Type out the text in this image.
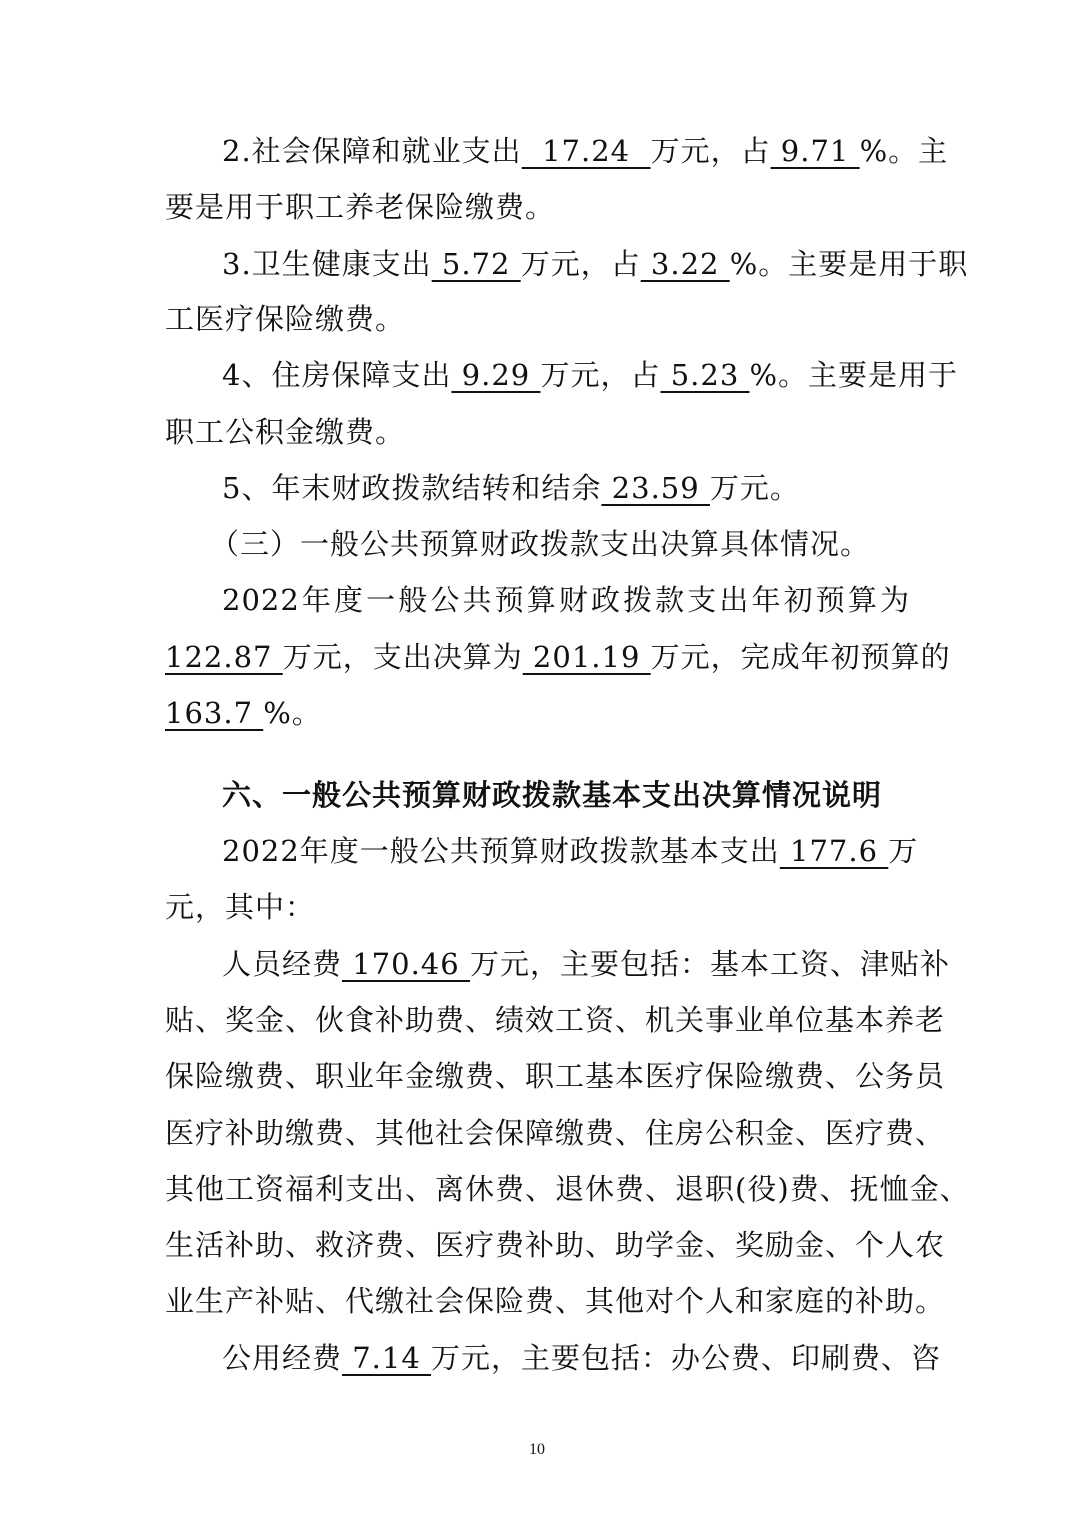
2.社会保障和就业支出  17.24  万元，占 9.71 %。主
要是用于职工养老保险缴费。
3.卫生健康支出 5.72 万元，占 3.22 %。主要是用于职
工医疗保险缴费。
4、住房保障支出 9.29 万元，占 5.23 %。主要是用于
职工公积金缴费。
5、年末财政拨款结转和结余 23.59 万元。
（三）一般公共预算财政拨款支出决算具体情况。
2022年度一般公共预算财政拨款支出年初预算为
122.87 万元，支出决算为 201.19 万元，完成年初预算的
163.7 %。
六、一般公共预算财政拨款基本支出决算情况说明
2022年度一般公共预算财政拨款基本支出 177.6 万
元，其中：
人员经费 170.46 万元，主要包括：基本工资、津贴补
贴、奖金、伙食补助费、绩效工资、机关事业单位基本养老
保险缴费、职业年金缴费、职工基本医疗保险缴费、公务员
医疗补助缴费、其他社会保障缴费、住房公积金、医疗费、
其他工资福利支出、离休费、退休费、退职(役)费、抚恤金、
生活补助、救济费、医疗费补助、助学金、奖励金、个人农
业生产补贴、代缴社会保险费、其他对个人和家庭的补助。
公用经费 7.14 万元，主要包括：办公费、印刷费、咨
10
